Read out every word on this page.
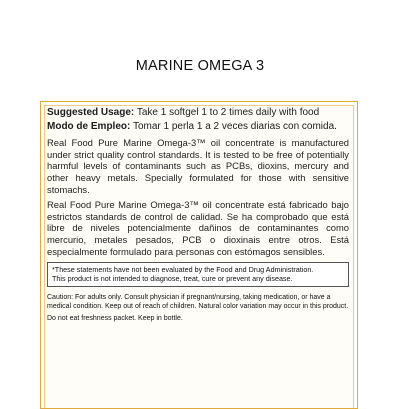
MARINE OMEGA 3
Suggested Usage: Take 1 softgel 1 to 2 times daily with food
Modo de Empleo: Tomar 1 perla 1 a 2 veces diarias con comida.

Real Food Pure Marine Omega-3™ oil concentrate is manufactured under strict quality control standards. It is tested to be free of potentially harmful levels of contaminants such as PCBs, dioxins, mercury and other heavy metals. Specially formulated for those with sensitive stomachs.

Real Food Pure Marine Omega-3™ oil concentrate está fabricado bajo estrictos standards de control de calidad. Se ha comprobado que está libre de niveles potencialmente dañinos de contaminantes como mercurio, metales pesados, PCB o dioxinais entre otros. Está especialmente formulado para personas con estómagos sensibles.

*These statements have not been evaluated by the Food and Drug Administration.
This product is not intended to diagnose, treat, cure or prevent any disease.
Caution: For adults only. Consult physician if pregnant/nursing, taking medication, or have a medical condition. Keep out of reach of children. Natural color variation may occur in this product.
Do not eat freshness packet. Keep in bottle.
